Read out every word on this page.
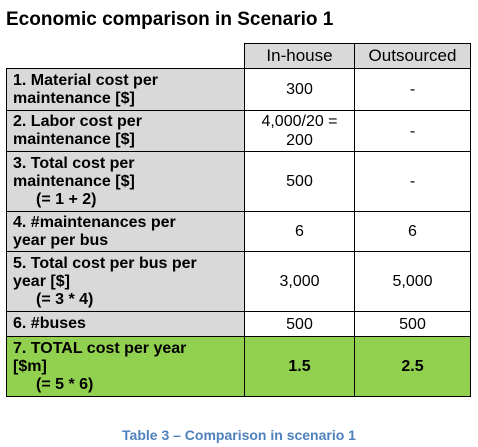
Economic comparison in Scenario 1
	In-house	Outsourced

1. Material cost per
maintenance [$]	300	-

2. Labor cost per
maintenance [$]	4,000/20 =
200	-

3. Total cost per
maintenance [$]
(= 1 + 2)	500	-

4. #maintenances per
year per bus	6	6

5. Total cost per bus per
year [$]
(= 3 * 4)	3,000	5,000

6. #buses	500	500

7. TOTAL cost per year
[$m]
(= 5 * 6)	1.5	2.5
Table 3 – Comparison in scenario 1
